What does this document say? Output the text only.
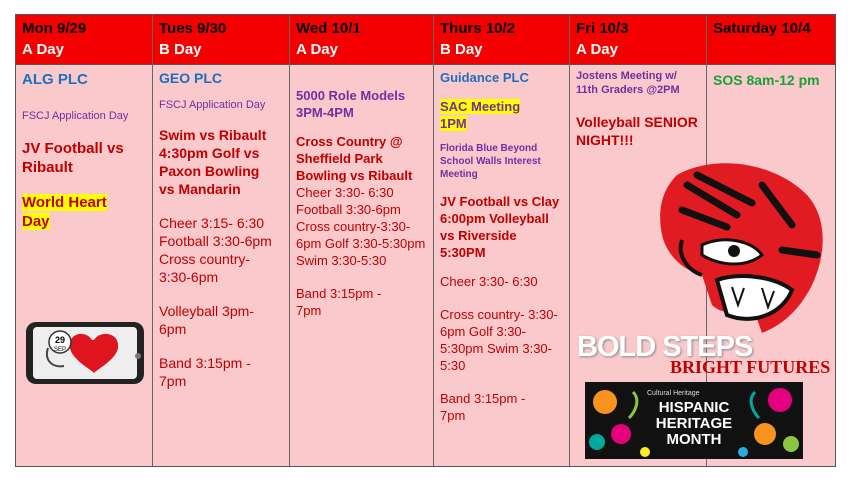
Mon 9/29
A Day

ALG PLC

FSCJ Application Day

JV Football vs Ribault

World Heart Day

29
SEP
Tues 9/30
B Day

GEO PLC

FSCJ Application Day

Swim vs Ribault 4:30pm Golf vs Paxon Bowling vs Mandarin

Cheer 3:15- 6:30

Football 3:30-6pm

Cross country- 3:30-6pm

Volleyball 3pm-6pm

Band 3:15pm - 7pm

Wed 10/1
A Day

5000 Role Models 3PM-4PM

Cross Country @ Sheffield Park Bowling vs Ribault

Cheer 3:30- 6:30 Football 3:30-6pm Cross country-3:30-6pm Golf 3:30-5:30pm Swim 3:30-5:30

Band 3:15pm - 7pm

Thurs 10/2
B Day

Guidance PLC

SAC Meeting 1PM

Florida Blue Beyond School Walls Interest Meeting

JV Football vs Clay 6:00pm Volleyball vs Riverside 5:30PM

Cheer 3:30- 6:30

Cross country- 3:30-6pm Golf 3:30-5:30pm Swim 3:30-5:30

Band 3:15pm - 7pm

Fri 10/3
A Day

Jostens Meeting w/ 11th Graders @2PM

Volleyball SENIOR NIGHT!!!

Saturday 10/4

SOS 8am-12 pm

BOLD STEPS
BRIGHT FUTURES
Cultural Heritage
HISPANIC HERITAGE MONTH
